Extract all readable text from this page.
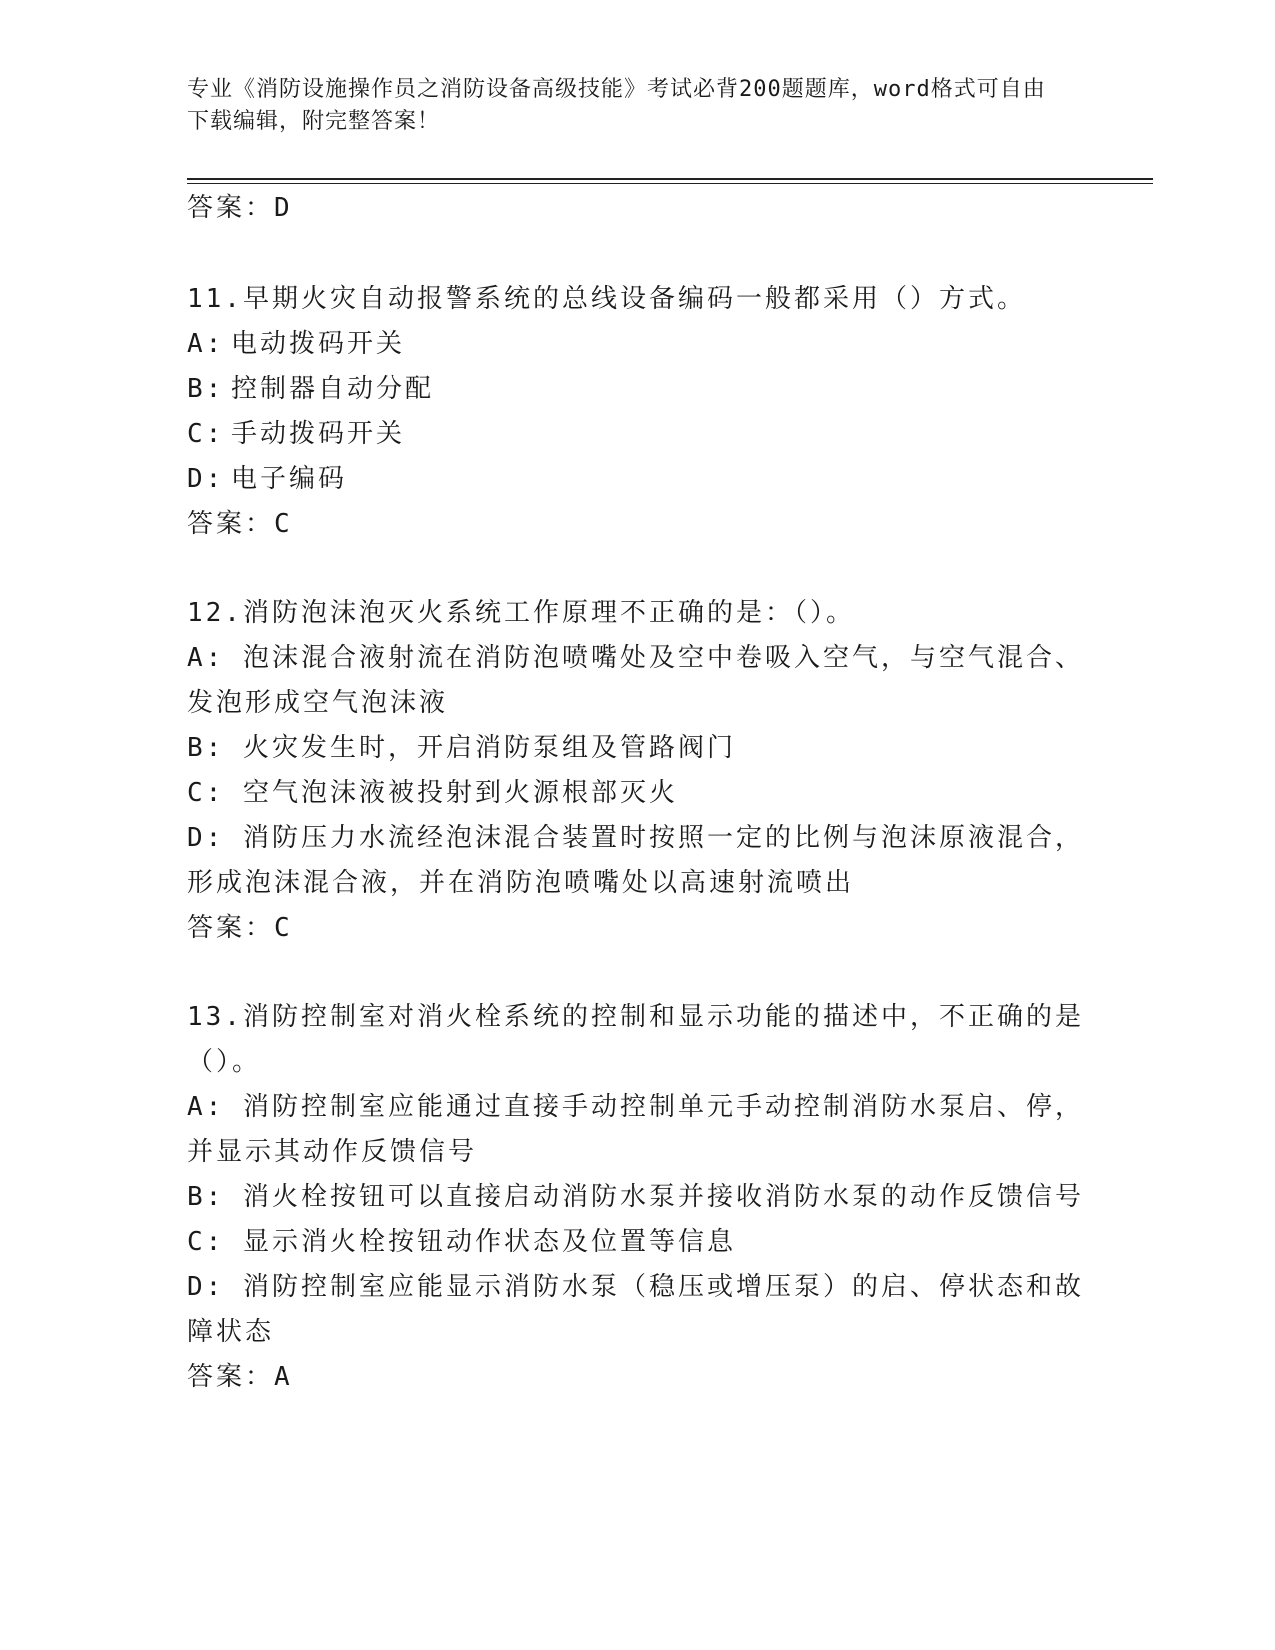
专业《消防设施操作员之消防设备高级技能》考试必背200题题库，word格式可自由下载编辑，附完整答案！

答案：D

11.早期火灾自动报警系统的总线设备编码一般都采用（）方式。

A: 电动拨码开关

B: 控制器自动分配

C: 手动拨码开关

D: 电子编码

答案：C

12.消防泡沫泡灭火系统工作原理不正确的是：（）。

A: 泡沫混合液射流在消防泡喷嘴处及空中卷吸入空气，与空气混合、发泡形成空气泡沫液

B: 火灾发生时，开启消防泵组及管路阀门

C: 空气泡沫液被投射到火源根部灭火

D: 消防压力水流经泡沫混合装置时按照一定的比例与泡沫原液混合，形成泡沫混合液，并在消防泡喷嘴处以高速射流喷出

答案：C

13.消防控制室对消火栓系统的控制和显示功能的描述中，不正确的是（）。

A: 消防控制室应能通过直接手动控制单元手动控制消防水泵启、停，并显示其动作反馈信号

B: 消火栓按钮可以直接启动消防水泵并接收消防水泵的动作反馈信号

C: 显示消火栓按钮动作状态及位置等信息

D: 消防控制室应能显示消防水泵（稳压或增压泵）的启、停状态和故障状态

答案：A
